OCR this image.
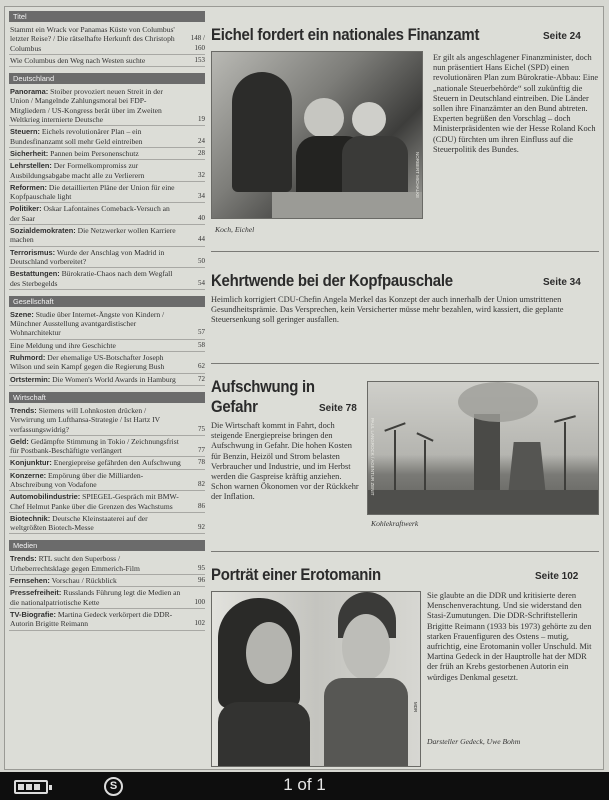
Titel
Stammt ein Wrack vor Panamas Küste von Columbus' letzter Reise? / Die rätselhafte Herkunft des Christoph Columbus
148 / 160
Wie Columbus den Weg nach Westen suchte	153
Deutschland
Panorama: Stoiber provoziert neuen Streit in der Union / Mangelnde Zahlungsmoral bei FDP-Mitgliedern / US-Kongress berät über im Zweiten Weltkrieg internierte Deutsche	19
Steuern: Eichels revolutionärer Plan – ein Bundesfinanzamt soll mehr Geld eintreiben	24
Sicherheit: Pannen beim Personenschutz	28
Lehrstellen: Der Formelkompromiss zur Ausbildungsabgabe macht alle zu Verlierern	32
Reformen: Die detaillierten Pläne der Union für eine Kopfpauschale light	34
Politiker: Oskar Lafontaines Comeback-Versuch an der Saar	40
Sozialdemokraten: Die Netzwerker wollen Karriere machen	44
Terrorismus: Wurde der Anschlag von Madrid in Deutschland vorbereitet?	50
Bestattungen: Bürokratie-Chaos nach dem Wegfall des Sterbegelds	54
Gesellschaft
Szene: Studie über Internet-Ängste von Kindern / Münchner Ausstellung avantgardistischer Wohnarchitektur	57
Eine Meldung und ihre Geschichte	58
Ruhmord: Der ehemalige US-Botschafter Joseph Wilson und sein Kampf gegen die Regierung Bush	62
Ortstermin: Die Women's World Awards in Hamburg	72
Wirtschaft
Trends: Siemens will Lohnkosten drücken / Verwirrung um Lufthansa-Strategie / Ist Hartz IV verfassungswidrig?	75
Geld: Gedämpfte Stimmung in Tokio / Zeichnungsfrist für Postbank-Beschäftigte verlängert	77
Konjunktur: Energiepreise gefährden den Aufschwung	78
Konzerne: Empörung über die Milliarden-Abschreibung von Vodafone	82
Automobilindustrie: SPIEGEL-Gespräch mit BMW-Chef Helmut Panke über die Grenzen des Wachstums	86
Biotechnik: Deutsche Kleinstaaterei auf der weltgrößten Biotech-Messe	92
Medien
Trends: RTL sucht den Superboss / Urheberrechtsklage gegen Emmerich-Film	95
Fernsehen: Vorschau / Rückblick	96
Pressefreiheit: Russlands Führung legt die Medien an die nationalpatriotische Kette	100
TV-Biografie: Martina Gedeck verkörpert die DDR-Autorin Brigitte Reimann	102
Eichel fordert ein nationales Finanzamt	Seite 24
NORBERT MICHALKE
Koch, Eichel
Er gilt als angeschlagener Finanzminister, doch nun präsentiert Hans Eichel (SPD) einen revolutionären Plan zum Bürokratie-Abbau: Eine „nationale Steuerbehörde“ soll zukünftig die Steuern in Deutschland eintreiben. Die Länder sollen ihre Finanzämter an den Bund abtreten. Experten begrüßen den Vorschlag – doch Ministerpräsidenten wie der Hesse Roland Koch (CDU) fürchten um ihren Einfluss auf die Steuerpolitik des Bundes.
Kehrtwende bei der Kopfpauschale	Seite 34
Heimlich korrigiert CDU-Chefin Angela Merkel das Konzept der auch innerhalb der Union umstrittenen Gesundheitsprämie. Das Versprechen, kein Versicherter müsse mehr bezahlen, wird kassiert, die geplante Steuersenkung soll geringer ausfallen.
Aufschwung in
Gefahr	Seite 78
Die Wirtschaft kommt in Fahrt, doch steigende Energiepreise bringen den Aufschwung in Gefahr. Die hohen Kosten für Benzin, Heizöl und Strom belasten Verbraucher und Industrie, und im Herbst werden die Gaspreise kräftig anziehen. Schon warnen Ökonomen vor der Rückkehr der Inflation.
PAUL LANGROCK / AGENTUR ZENIT
Kohlekraftwerk
Porträt einer Erotomanin	Seite 102
MDR
Sie glaubte an die DDR und kritisierte deren Menschenverachtung. Und sie widerstand den Stasi-Zumutungen. Die DDR-Schriftstellerin Brigitte Reimann (1933 bis 1973) gehörte zu den starken Frauenfiguren des Ostens – mutig, aufrichtig, eine Erotomanin voller Unschuld. Mit Martina Gedeck in der Hauptrolle hat der MDR der früh an Krebs gestorbenen Autorin ein würdiges Denkmal gesetzt.
Darsteller Gedeck, Uwe Bohm
S	1 of 1
